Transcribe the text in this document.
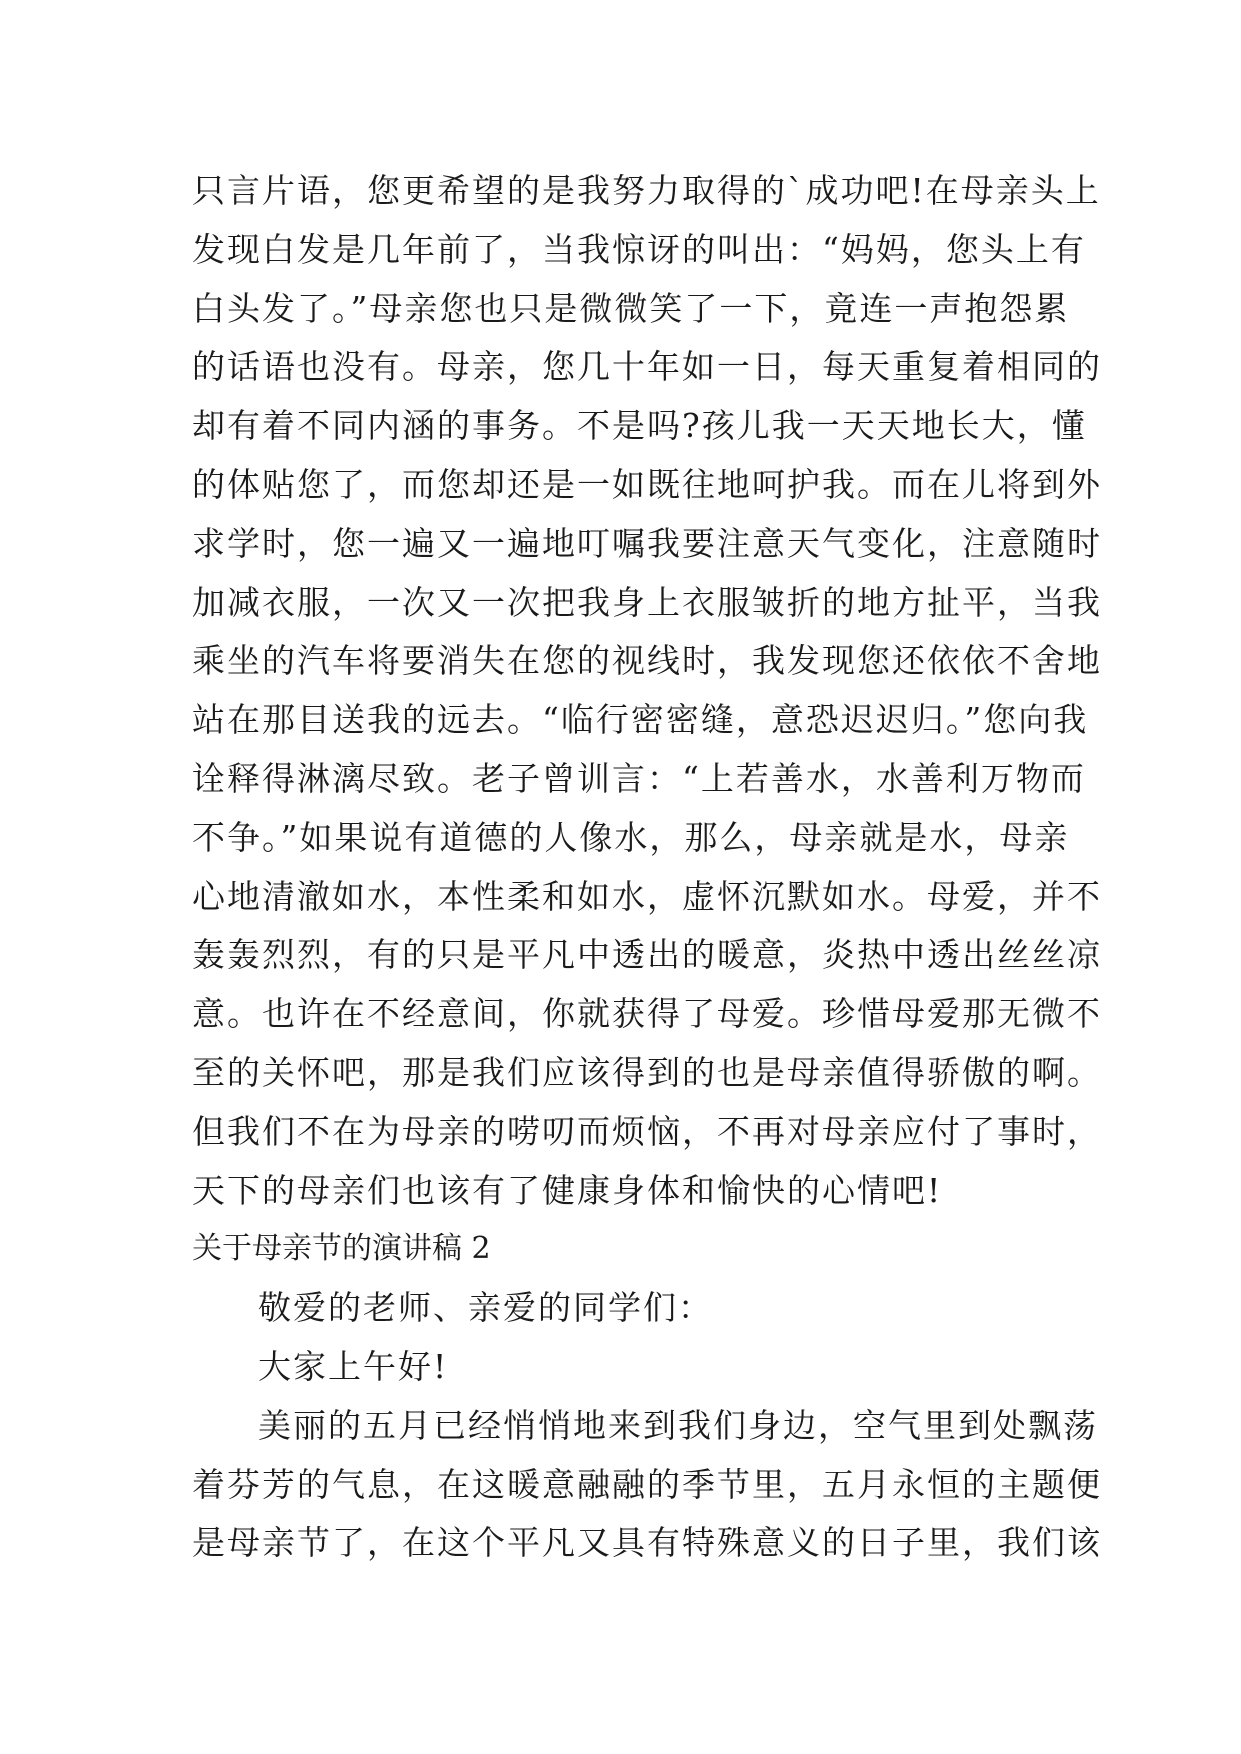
只言片语，您更希望的是我努力取得的`成功吧!在母亲头上
发现白发是几年前了，当我惊讶的叫出：“妈妈，您头上有
白头发了。”母亲您也只是微微笑了一下，竟连一声抱怨累
的话语也没有。母亲，您几十年如一日，每天重复着相同的
却有着不同内涵的事务。不是吗?孩儿我一天天地长大，懂
的体贴您了，而您却还是一如既往地呵护我。而在儿将到外
求学时，您一遍又一遍地叮嘱我要注意天气变化，注意随时
加减衣服，一次又一次把我身上衣服皱折的地方扯平，当我
乘坐的汽车将要消失在您的视线时，我发现您还依依不舍地
站在那目送我的远去。“临行密密缝，意恐迟迟归。”您向我
诠释得淋漓尽致。老子曾训言：“上若善水，水善利万物而
不争。”如果说有道德的人像水，那么，母亲就是水，母亲
心地清澈如水，本性柔和如水，虚怀沉默如水。母爱，并不
轰轰烈烈，有的只是平凡中透出的暖意，炎热中透出丝丝凉
意。也许在不经意间，你就获得了母爱。珍惜母爱那无微不
至的关怀吧，那是我们应该得到的也是母亲值得骄傲的啊。
但我们不在为母亲的唠叨而烦恼，不再对母亲应付了事时，
天下的母亲们也该有了健康身体和愉快的心情吧!
关于母亲节的演讲稿 2
敬爱的老师、亲爱的同学们：
大家上午好!
美丽的五月已经悄悄地来到我们身边，空气里到处飘荡
着芬芳的气息，在这暖意融融的季节里，五月永恒的主题便
是母亲节了，在这个平凡又具有特殊意义的日子里，我们该
